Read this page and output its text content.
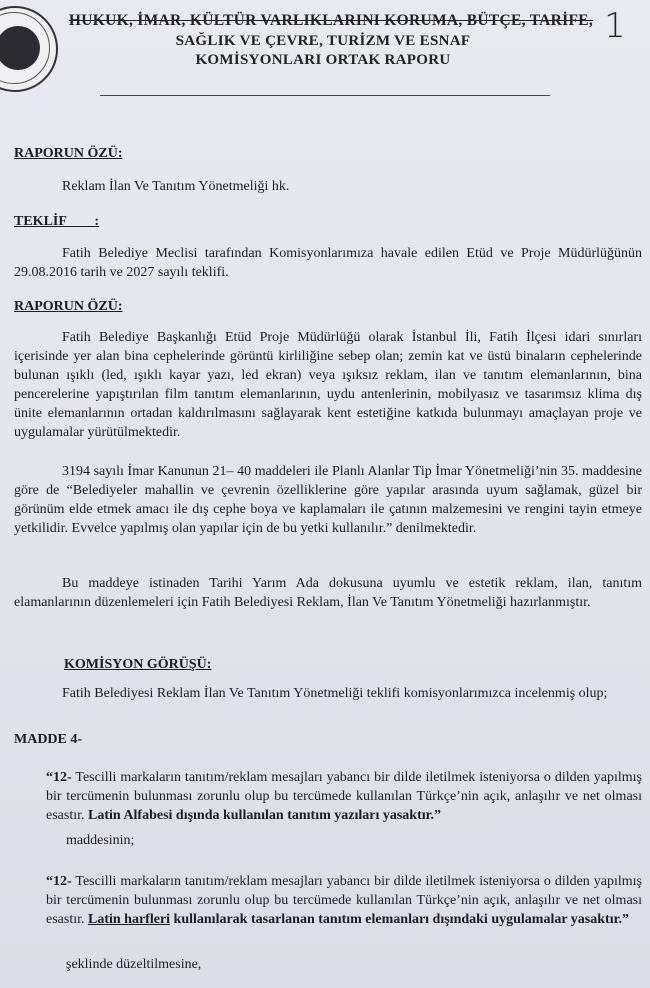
1
HUKUK, İMAR, KÜLTÜR VARLIKLARINI KORUMA, BÜTÇE, TARİFE,
SAĞLIK VE ÇEVRE, TURİZM VE ESNAF
KOMİSYONLARI ORTAK RAPORU
RAPORUN ÖZÜ:
Reklam İlan Ve Tanıtım Yönetmeliği hk.
TEKLİF        :
Fatih Belediye Meclisi tarafından Komisyonlarımıza havale edilen Etüd ve Proje Müdürlüğünün 29.08.2016 tarih ve 2027 sayılı teklifi.
RAPORUN ÖZÜ:
Fatih Belediye Başkanlığı Etüd Proje Müdürlüğü olarak İstanbul İli, Fatih İlçesi idari sınırları içerisinde yer alan bina cephelerinde görüntü kirliliğine sebep olan; zemin kat ve üstü binaların cephelerinde bulunan ışıklı (led, ışıklı kayar yazı, led ekran) veya ışıksız reklam, ilan ve tanıtım elemanlarının, bina pencerelerine yapıştırılan film tanıtım elemanlarının, uydu antenlerinin, mobilyasız ve tasarımsız klima dış ünite elemanlarının ortadan kaldırılmasını sağlayarak kent estetiğine katkıda bulunmayı amaçlayan proje ve uygulamalar yürütülmektedir.
3194 sayılı İmar Kanunun 21– 40 maddeleri ile Planlı Alanlar Tip İmar Yönetmeliği’nin 35. maddesine göre de “Belediyeler mahallin ve çevrenin özelliklerine göre yapılar arasında uyum sağlamak, güzel bir görünüm elde etmek amacı ile dış cephe boya ve kaplamaları ile çatının malzemesini ve rengini tayin etmeye yetkilidir. Evvelce yapılmış olan yapılar için de bu yetki kullanılır.” denilmektedir.
Bu maddeye istinaden Tarihi Yarım Ada dokusuna uyumlu ve estetik reklam, ilan, tanıtım elamanlarının düzenlemeleri için Fatih Belediyesi Reklam, İlan Ve Tanıtım Yönetmeliği hazırlanmıştır.
KOMİSYON GÖRÜŞÜ:
Fatih Belediyesi Reklam İlan Ve Tanıtım Yönetmeliği teklifi komisyonlarımızca incelenmiş olup;
MADDE 4-
“12- Tescilli markaların tanıtım/reklam mesajları yabancı bir dilde iletilmek isteniyorsa o dilden yapılmış bir tercümenin bulunması zorunlu olup bu tercümede kullanılan Türkçe’nin açık, anlaşılır ve net olması esastır. Latin Alfabesi dışında kullanılan tanıtım yazıları yasaktır.”
maddesinin;
“12- Tescilli markaların tanıtım/reklam mesajları yabancı bir dilde iletilmek isteniyorsa o dilden yapılmış bir tercümenin bulunması zorunlu olup bu tercümede kullanılan Türkçe’nin açık, anlaşılır ve net olması esastır. Latin harfleri kullanılarak tasarlanan tanıtım elemanları dışındaki uygulamalar yasaktır.”
şeklinde düzeltilmesine,
